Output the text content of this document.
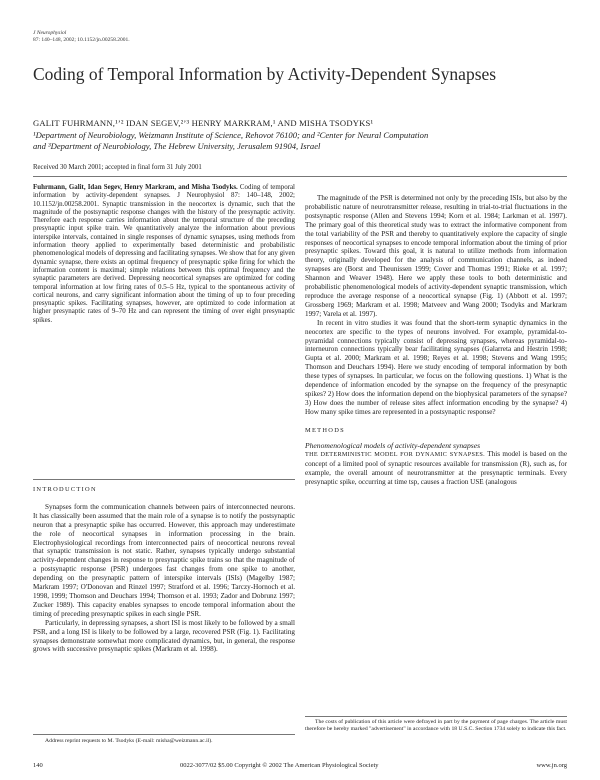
J Neurophysiol
87: 140–148, 2002; 10.1152/jn.00258.2001.
Coding of Temporal Information by Activity-Dependent Synapses
GALIT FUHRMANN,¹ʼ² IDAN SEGEV,²ʼ³ HENRY MARKRAM,¹ AND MISHA TSODYKS¹
¹Department of Neurobiology, Weizmann Institute of Science, Rehovot 76100; and ²Center for Neural Computation
and ³Department of Neurobiology, The Hebrew University, Jerusalem 91904, Israel
Received 30 March 2001; accepted in final form 31 July 2001
Fuhrmann, Galit, Idan Segev, Henry Markram, and Misha Tsodyks. Coding of temporal information by activity-dependent synapses. J Neurophysiol 87: 140–148, 2002; 10.1152/jn.00258.2001. Synaptic transmission in the neocortex is dynamic, such that the magnitude of the postsynaptic response changes with the history of the presynaptic activity. Therefore each response carries information about the temporal structure of the preceding presynaptic input spike train. We quantitatively analyze the information about previous interspike intervals, contained in single responses of dynamic synapses, using methods from information theory applied to experimentally based deterministic and probabilistic phenomenological models of depressing and facilitating synapses. We show that for any given dynamic synapse, there exists an optimal frequency of presynaptic spike firing for which the information content is maximal; simple relations between this optimal frequency and the synaptic parameters are derived. Depressing neocortical synapses are optimized for coding temporal information at low firing rates of 0.5–5 Hz, typical to the spontaneous activity of cortical neurons, and carry significant information about the timing of up to four preceding presynaptic spikes. Facilitating synapses, however, are optimized to code information at higher presynaptic rates of 9–70 Hz and can represent the timing of over eight presynaptic spikes.
INTRODUCTION

Synapses form the communication channels between pairs of interconnected neurons. It has classically been assumed that the main role of a synapse is to notify the postsynaptic neuron that a presynaptic spike has occurred. However, this approach may underestimate the role of neocortical synapses in information processing in the brain. Electrophysiological recordings from interconnected pairs of neocortical neurons reveal that synaptic transmission is not static. Rather, synapses typically undergo substantial activity-dependent changes in response to presynaptic spike trains so that the magnitude of a postsynaptic response (PSR) undergoes fast changes from one spike to another, depending on the presynaptic pattern of interspike intervals (ISIs) (Magelby 1987; Markram 1997; O'Donovan and Rinzel 1997; Stratford et al. 1996; Tarczy-Hornoch et al. 1998, 1999; Thomson and Deuchars 1994; Thomson et al. 1993; Zador and Dobrunz 1997; Zucker 1989). This capacity enables synapses to encode temporal information about the timing of preceding presynaptic spikes in each single PSR.

Particularly, in depressing synapses, a short ISI is most likely to be followed by a small PSR, and a long ISI is likely to be followed by a large, recovered PSR (Fig. 1). Facilitating synapses demonstrate somewhat more complicated dynamics, but, in general, the response grows with successive presynaptic spikes (Markram et al. 1998).

Address reprint requests to M. Tsodyks (E-mail: misha@weizmann.ac.il).

The magnitude of the PSR is determined not only by the preceding ISIs, but also by the probabilistic nature of neurotransmitter release, resulting in trial-to-trial fluctuations in the postsynaptic response (Allen and Stevens 1994; Korn et al. 1984; Larkman et al. 1997). The primary goal of this theoretical study was to extract the informative component from the total variability of the PSR and thereby to quantitatively explore the capacity of single responses of neocortical synapses to encode temporal information about the timing of prior presynaptic spikes. Toward this goal, it is natural to utilize methods from information theory, originally developed for the analysis of communication channels, as indeed synapses are (Borst and Theunissen 1999; Cover and Thomas 1991; Rieke et al. 1997; Shannon and Weaver 1948). Here we apply these tools to both deterministic and probabilistic phenomenological models of activity-dependent synaptic transmission, which reproduce the average response of a neocortical synapse (Fig. 1) (Abbott et al. 1997; Grossberg 1969; Markram et al. 1998; Matveev and Wang 2000; Tsodyks and Markram 1997; Varela et al. 1997).

In recent in vitro studies it was found that the short-term synaptic dynamics in the neocortex are specific to the types of neurons involved. For example, pyramidal-to-pyramidal connections typically consist of depressing synapses, whereas pyramidal-to-interneuron connections typically bear facilitating synapses (Galarreta and Hestrin 1998; Gupta et al. 2000; Markram et al. 1998; Reyes et al. 1998; Stevens and Wang 1995; Thomson and Deuchars 1994). Here we study encoding of temporal information by both these types of synapses. In particular, we focus on the following questions. 1) What is the dependence of information encoded by the synapse on the frequency of the presynaptic spikes? 2) How does the information depend on the biophysical parameters of the synapse? 3) How does the number of release sites affect information encoding by the synapse? 4) How many spike times are represented in a postsynaptic response?

METHODS
Phenomenological models of activity-dependent synapses

THE DETERMINISTIC MODEL FOR DYNAMIC SYNAPSES. This model is based on the concept of a limited pool of synaptic resources available for transmission (R), such as, for example, the overall amount of neurotransmitter at the presynaptic terminals. Every presynaptic spike, occurring at time tsp, causes a fraction USE (analogous

The costs of publication of this article were defrayed in part by the payment of page charges. The article must therefore be hereby marked "advertisement" in accordance with 18 U.S.C. Section 1734 solely to indicate this fact.
140	0022-3077/02 $5.00 Copyright © 2002 The American Physiological Society	www.jn.org
